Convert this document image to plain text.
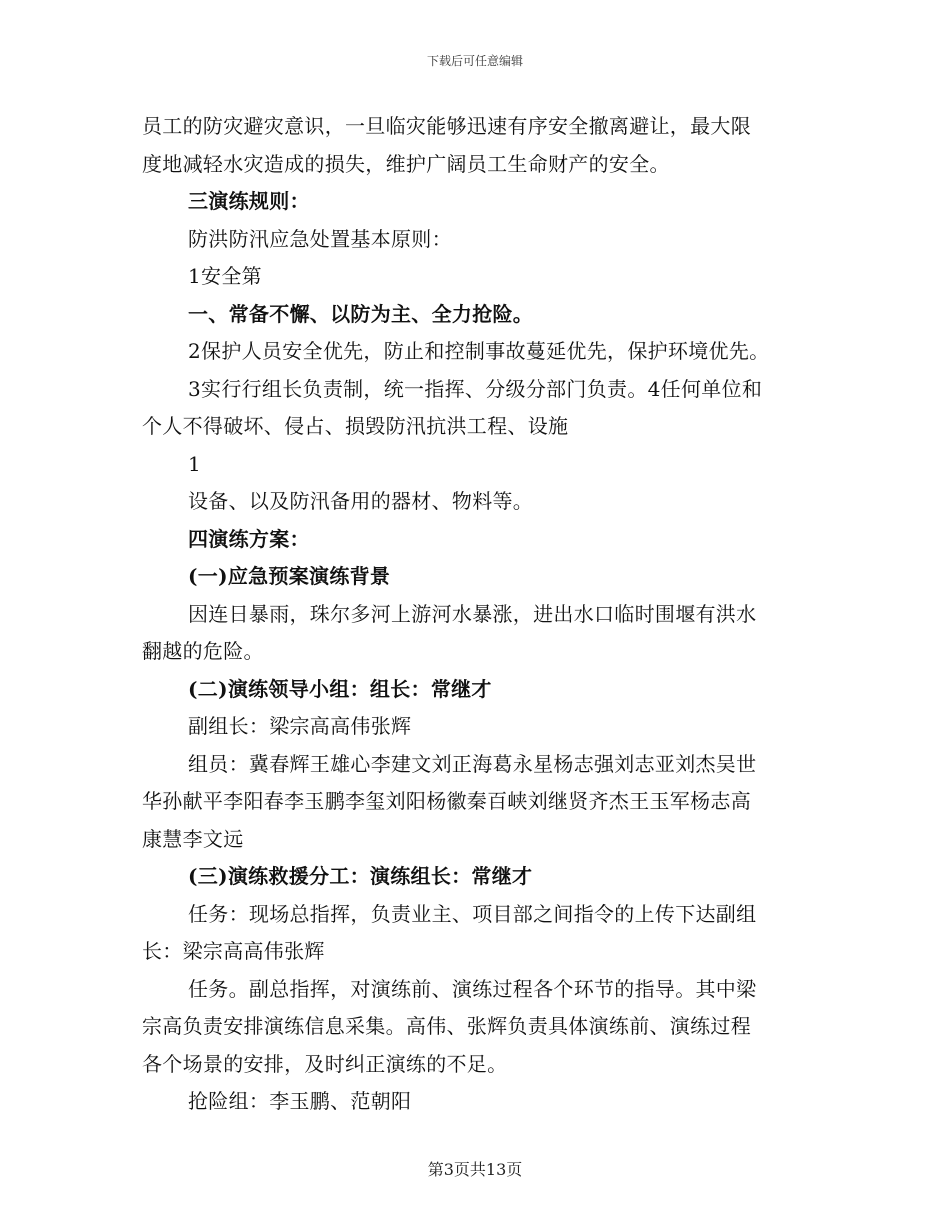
下载后可任意编辑

员工的防灾避灾意识，一旦临灾能够迅速有序安全撤离避让，最大限

度地减轻水灾造成的损失，维护广阔员工生命财产的安全。

三演练规则：

防洪防汛应急处置基本原则：

1安全第

一、常备不懈、以防为主、全力抢险。

2保护人员安全优先，防止和控制事故蔓延优先，保护环境优先。

3实行行组长负责制，统一指挥、分级分部门负责。4任何单位和

个人不得破坏、侵占、损毁防汛抗洪工程、设施

1

设备、以及防汛备用的器材、物料等。

四演练方案：

(一)应急预案演练背景

因连日暴雨，珠尔多河上游河水暴涨，进出水口临时围堰有洪水

翻越的危险。

(二)演练领导小组：组长：常继才

副组长：梁宗高高伟张辉

组员：冀春辉王雄心李建文刘正海葛永星杨志强刘志亚刘杰吴世

华孙献平李阳春李玉鹏李玺刘阳杨徽秦百峡刘继贤齐杰王玉军杨志高

康慧李文远

(三)演练救援分工：演练组长：常继才

任务：现场总指挥，负责业主、项目部之间指令的上传下达副组

长：梁宗高高伟张辉

任务。副总指挥，对演练前、演练过程各个环节的指导。其中梁

宗高负责安排演练信息采集。高伟、张辉负责具体演练前、演练过程

各个场景的安排，及时纠正演练的不足。

抢险组：李玉鹏、范朝阳

第3页共13页
